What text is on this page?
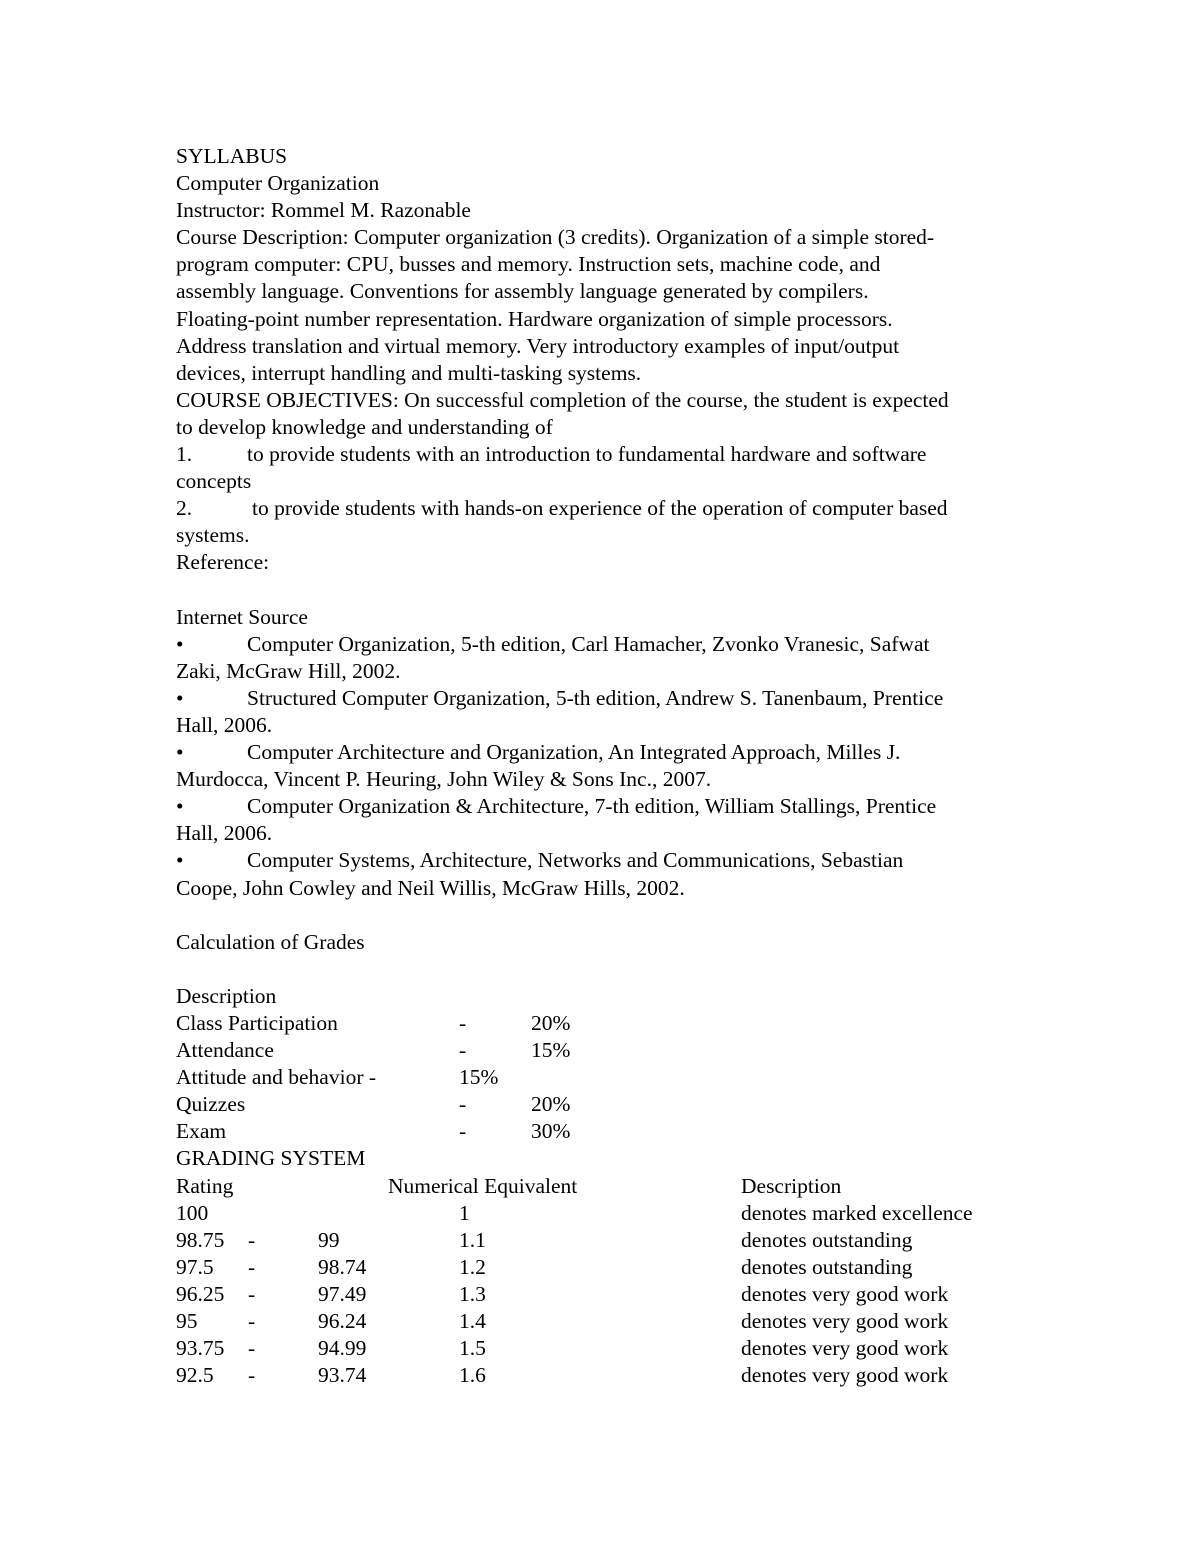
SYLLABUS
Computer Organization
Instructor: Rommel M. Razonable
Course Description: Computer organization (3 credits). Organization of a simple stored-
program computer: CPU, busses and memory. Instruction sets, machine code, and
assembly language. Conventions for assembly language generated by compilers.
Floating-point number representation. Hardware organization of simple processors.
Address translation and virtual memory. Very introductory examples of input/output
devices, interrupt handling and multi-tasking systems.
COURSE OBJECTIVES: On successful completion of the course, the student is expected
to develop knowledge and understanding of
1.	to provide students with an introduction to fundamental hardware and software
concepts
2.	to provide students with hands-on experience of the operation of computer based
systems.
Reference:
Internet Source
•	Computer Organization, 5-th edition, Carl Hamacher, Zvonko Vranesic, Safwat
Zaki, McGraw Hill, 2002.
•	Structured Computer Organization, 5-th edition, Andrew S. Tanenbaum, Prentice
Hall, 2006.
•	Computer Architecture and Organization, An Integrated Approach, Milles J.
Murdocca, Vincent P. Heuring, John Wiley & Sons Inc., 2007.
•	Computer Organization & Architecture, 7-th edition, William Stallings, Prentice
Hall, 2006.
•	Computer Systems, Architecture, Networks and Communications, Sebastian
Coope, John Cowley and Neil Willis, McGraw Hills, 2002.
Calculation of Grades
Description
Class Participation	-	20%
Attendance	-	15%
Attitude and behavior -	15%
Quizzes	-	20%
Exam	-	30%
GRADING SYSTEM
Rating	Numerical Equivalent	Description
100	1	denotes marked excellence
98.75	-	99	1.1	denotes outstanding
97.5	-	98.74	1.2	denotes outstanding
96.25	-	97.49	1.3	denotes very good work
95	-	96.24	1.4	denotes very good work
93.75	-	94.99	1.5	denotes very good work
92.5	-	93.74	1.6	denotes very good work
